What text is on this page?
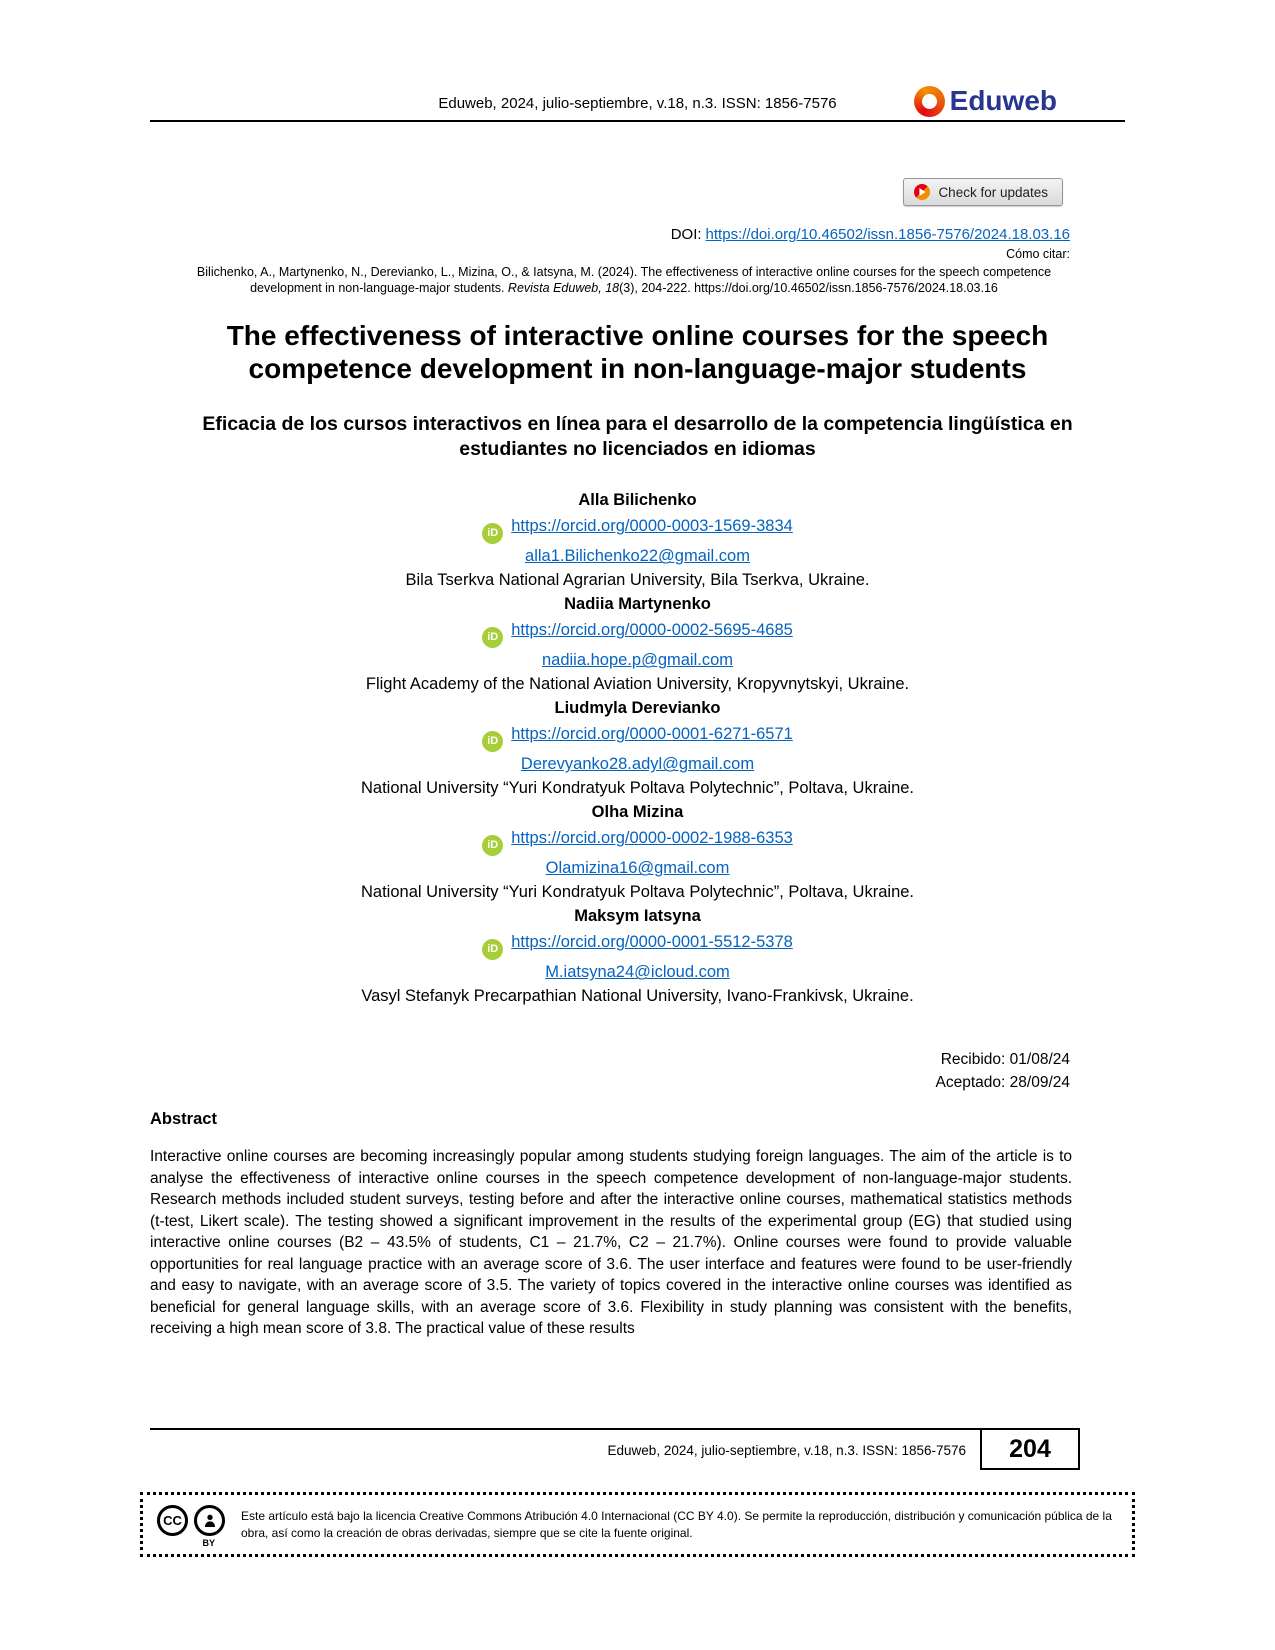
Eduweb, 2024, julio-septiembre, v.18, n.3. ISSN: 1856-7576	Eduweb
Check for updates
DOI: https://doi.org/10.46502/issn.1856-7576/2024.18.03.16
Cómo citar:

Bilichenko, A., Martynenko, N., Derevianko, L., Mizina, O., & Iatsyna, M. (2024). The effectiveness of interactive online courses for the speech competence development in non-language-major students. Revista Eduweb, 18(3), 204-222. https://doi.org/10.46502/issn.1856-7576/2024.18.03.16

The effectiveness of interactive online courses for the speech competence development in non-language-major students
Eficacia de los cursos interactivos en línea para el desarrollo de la competencia lingüística en estudiantes no licenciados en idiomas
Alla Bilichenko
iD https://orcid.org/0000-0003-1569-3834
alla1.Bilichenko22@gmail.com
Bila Tserkva National Agrarian University, Bila Tserkva, Ukraine.
Nadiia Martynenko
iD https://orcid.org/0000-0002-5695-4685
nadiia.hope.p@gmail.com
Flight Academy of the National Aviation University, Kropyvnytskyi, Ukraine.
Liudmyla Derevianko
iD https://orcid.org/0000-0001-6271-6571
Derevyanko28.adyl@gmail.com
National University “Yuri Kondratyuk Poltava Polytechnic”, Poltava, Ukraine.
Olha Mizina
iD https://orcid.org/0000-0002-1988-6353
Olamizina16@gmail.com
National University “Yuri Kondratyuk Poltava Polytechnic”, Poltava, Ukraine.
Maksym Iatsyna
iD https://orcid.org/0000-0001-5512-5378
M.iatsyna24@icloud.com
Vasyl Stefanyk Precarpathian National University, Ivano-Frankivsk, Ukraine.
Recibido: 01/08/24
Aceptado: 28/09/24
Abstract

Interactive online courses are becoming increasingly popular among students studying foreign languages. The aim of the article is to analyse the effectiveness of interactive online courses in the speech competence development of non-language-major students. Research methods included student surveys, testing before and after the interactive online courses, mathematical statistics methods (t-test, Likert scale). The testing showed a significant improvement in the results of the experimental group (EG) that studied using interactive online courses (B2 – 43.5% of students, C1 – 21.7%, C2 – 21.7%). Online courses were found to provide valuable opportunities for real language practice with an average score of 3.6. The user interface and features were found to be user-friendly and easy to navigate, with an average score of 3.5. The variety of topics covered in the interactive online courses was identified as beneficial for general language skills, with an average score of 3.6. Flexibility in study planning was consistent with the benefits, receiving a high mean score of 3.8. The practical value of these results

Eduweb, 2024, julio-septiembre, v.18, n.3. ISSN: 1856-7576	204
CC
BY
Este artículo está bajo la licencia Creative Commons Atribución 4.0 Internacional (CC BY 4.0). Se permite la reproducción, distribución y comunicación pública de la obra, así como la creación de obras derivadas, siempre que se cite la fuente original.
